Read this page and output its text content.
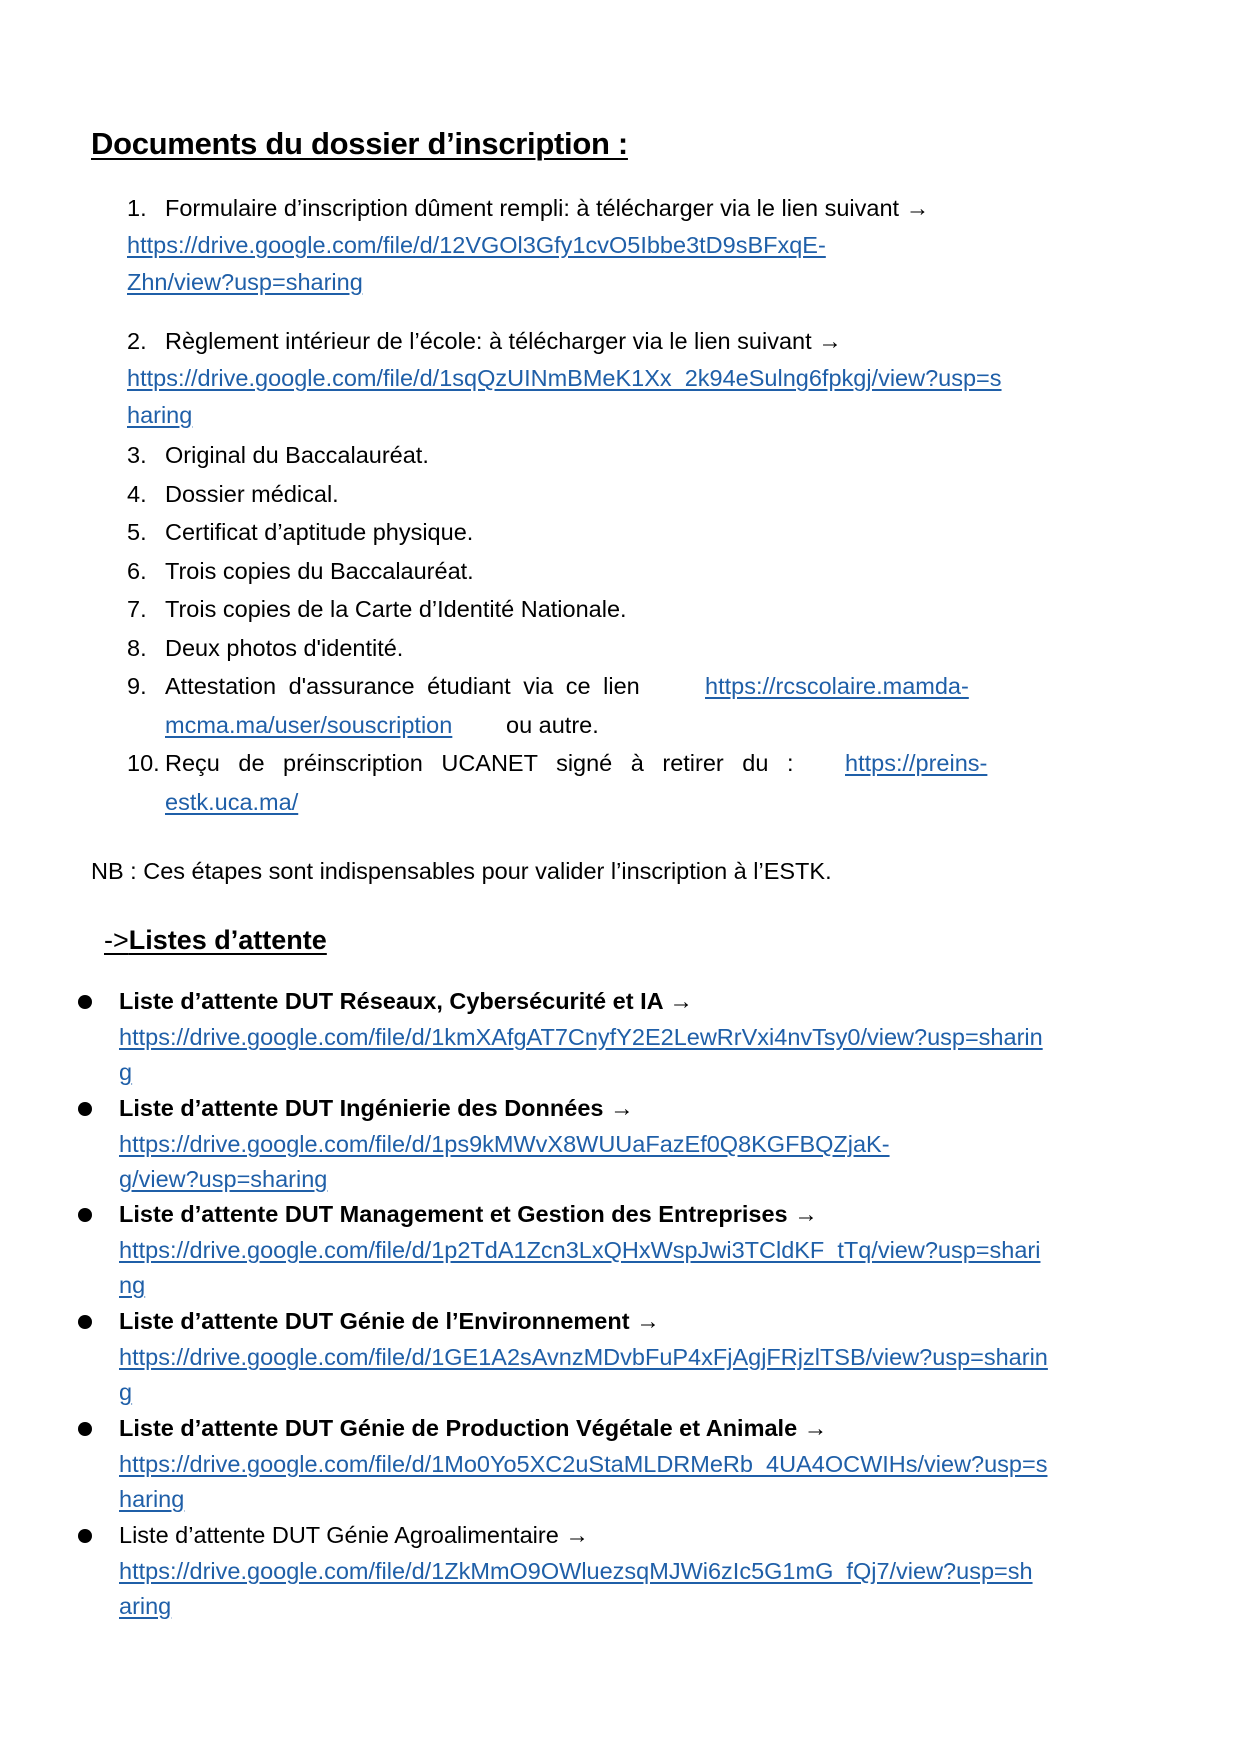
Documents du dossier d’inscription :
1. Formulaire d’inscription dûment rempli: à télécharger via le lien suivant →
https://drive.google.com/file/d/12VGOl3Gfy1cvO5Ibbe3tD9sBFxqE-
Zhn/view?usp=sharing
2. Règlement intérieur de l’école: à télécharger via le lien suivant →
https://drive.google.com/file/d/1sqQzUINmBMeK1Xx_2k94eSulng6fpkgj/view?usp=s
haring
3. Original du Baccalauréat.
4. Dossier médical.
5. Certificat d’aptitude physique.
6. Trois copies du Baccalauréat.
7. Trois copies de la Carte d’Identité Nationale.
8. Deux photos d'identité.
9. Attestation d'assurance étudiant via ce lien	https://rcscolaire.mamda-
mcma.ma/user/souscription ou autre.
10. Reçu de préinscription UCANET signé à retirer du : https://preins-
estk.uca.ma/
NB : Ces étapes sont indispensables pour valider l’inscription à l’ESTK.
->Listes d’attente
Liste d’attente DUT Réseaux, Cybersécurité et IA →
https://drive.google.com/file/d/1kmXAfgAT7CnyfY2E2LewRrVxi4nvTsy0/view?usp=sharin
g
Liste d’attente DUT Ingénierie des Données →
https://drive.google.com/file/d/1ps9kMWvX8WUUaFazEf0Q8KGFBQZjaK-
g/view?usp=sharing
Liste d’attente DUT Management et Gestion des Entreprises →
https://drive.google.com/file/d/1p2TdA1Zcn3LxQHxWspJwi3TCldKF_tTq/view?usp=shari
ng
Liste d’attente DUT Génie de l’Environnement →
https://drive.google.com/file/d/1GE1A2sAvnzMDvbFuP4xFjAgjFRjzlTSB/view?usp=sharin
g
Liste d’attente DUT Génie de Production Végétale et Animale →
https://drive.google.com/file/d/1Mo0Yo5XC2uStaMLDRMeRb_4UA4OCWIHs/view?usp=s
haring
Liste d’attente DUT Génie Agroalimentaire →
https://drive.google.com/file/d/1ZkMmO9OWluezsqMJWi6zIc5G1mG_fQj7/view?usp=sh
aring
